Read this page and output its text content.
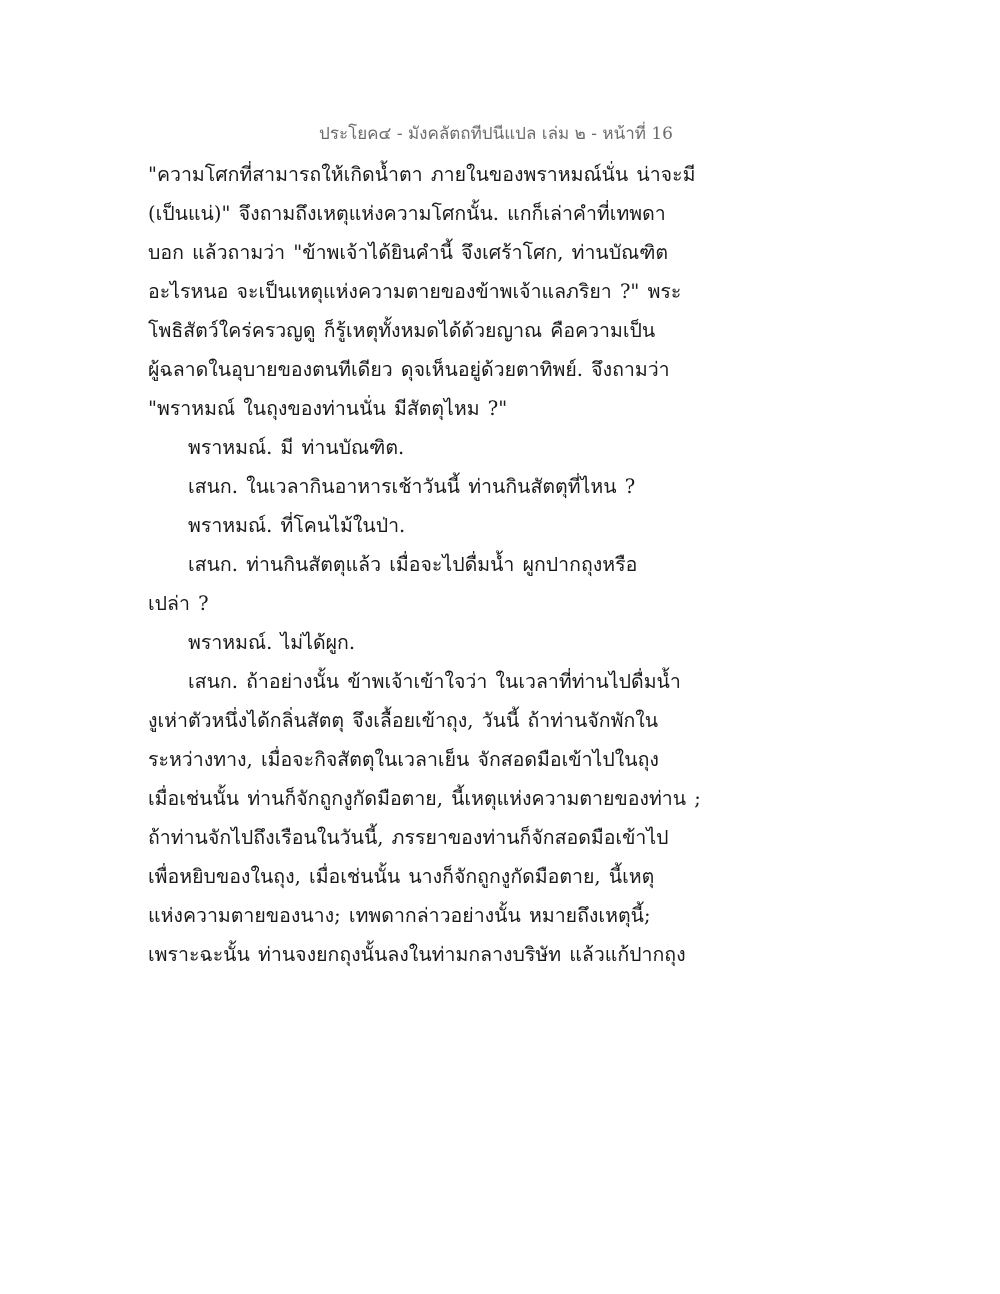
ประโยค๔ - มังคลัตถทีปนีแปล เล่ม ๒ - หน้าที่ 16
"ความโศกที่สามารถให้เกิดน้ำตา ภายในของพราหมณ์นั่น น่าจะมี
(เป็นแน่)" จึงถามถึงเหตุแห่งความโศกนั้น. แกก็เล่าคำที่เทพดา
บอก แล้วถามว่า "ข้าพเจ้าได้ยินคำนี้ จึงเศร้าโศก, ท่านบัณฑิต
อะไรหนอ จะเป็นเหตุแห่งความตายของข้าพเจ้าแลภริยา ?" พระ
โพธิสัตว์ใคร่ครวญดู ก็รู้เหตุทั้งหมดได้ด้วยญาณ คือความเป็น
ผู้ฉลาดในอุบายของตนทีเดียว ดุจเห็นอยู่ด้วยตาทิพย์. จึงถามว่า
"พราหมณ์ ในถุงของท่านนั่น มีสัตตุไหม ?"
พราหมณ์. มี ท่านบัณฑิต.
เสนก. ในเวลากินอาหารเช้าวันนี้ ท่านกินสัตตุที่ไหน ?
พราหมณ์. ที่โคนไม้ในป่า.
เสนก. ท่านกินสัตตุแล้ว เมื่อจะไปดื่มน้ำ ผูกปากถุงหรือ
เปล่า ?
พราหมณ์. ไม่ได้ผูก.
เสนก. ถ้าอย่างนั้น ข้าพเจ้าเข้าใจว่า ในเวลาที่ท่านไปดื่มน้ำ
งูเห่าตัวหนึ่งได้กลิ่นสัตตุ จึงเลื้อยเข้าถุง, วันนี้ ถ้าท่านจักพักใน
ระหว่างทาง, เมื่อจะกิจสัตตุในเวลาเย็น จักสอดมือเข้าไปในถุง
เมื่อเช่นนั้น ท่านก็จักถูกงูกัดมือตาย, นี้เหตุแห่งความตายของท่าน ;
ถ้าท่านจักไปถึงเรือนในวันนี้, ภรรยาของท่านก็จักสอดมือเข้าไป
เพื่อหยิบของในถุง, เมื่อเช่นนั้น นางก็จักถูกงูกัดมือตาย, นี้เหตุ
แห่งความตายของนาง; เทพดากล่าวอย่างนั้น หมายถึงเหตุนี้;
เพราะฉะนั้น ท่านจงยกถุงนั้นลงในท่ามกลางบริษัท แล้วแก้ปากถุง
